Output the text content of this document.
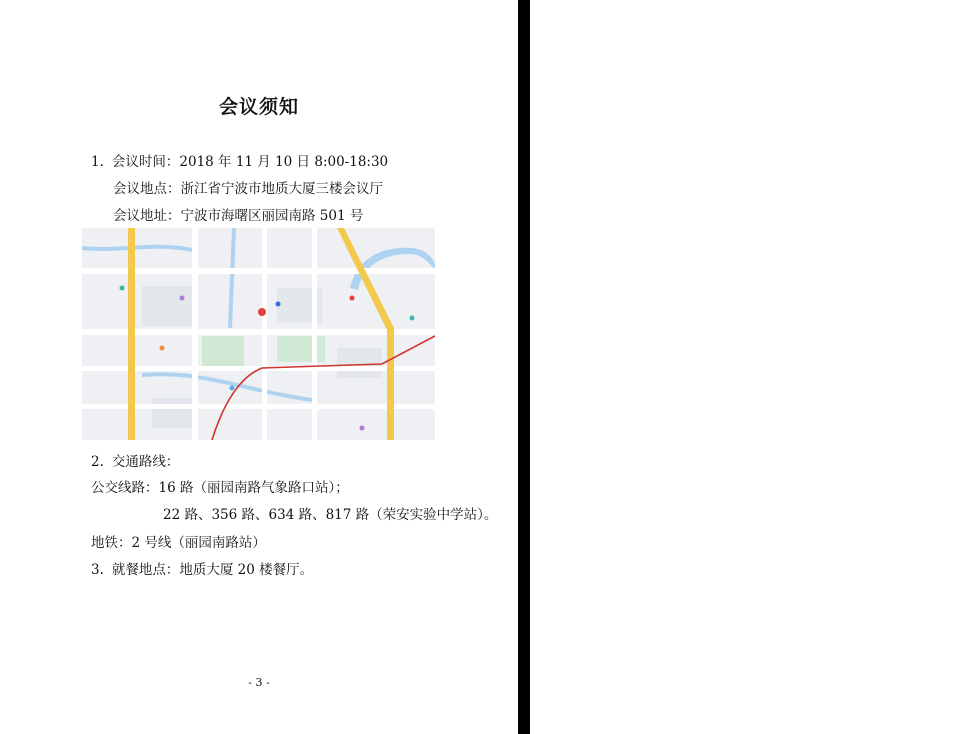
会议须知
1. 会议时间：2018 年 11 月 10 日 8:00-18:30
会议地点：浙江省宁波市地质大厦三楼会议厅
会议地址：宁波市海曙区丽园南路 501 号
2. 交通路线：
公交线路：16 路（丽园南路气象路口站）；
22 路、356 路、634 路、817 路（荣安实验中学站）。
地铁：2 号线（丽园南路站）
3. 就餐地点：地质大厦 20 楼餐厅。
- 3 -
